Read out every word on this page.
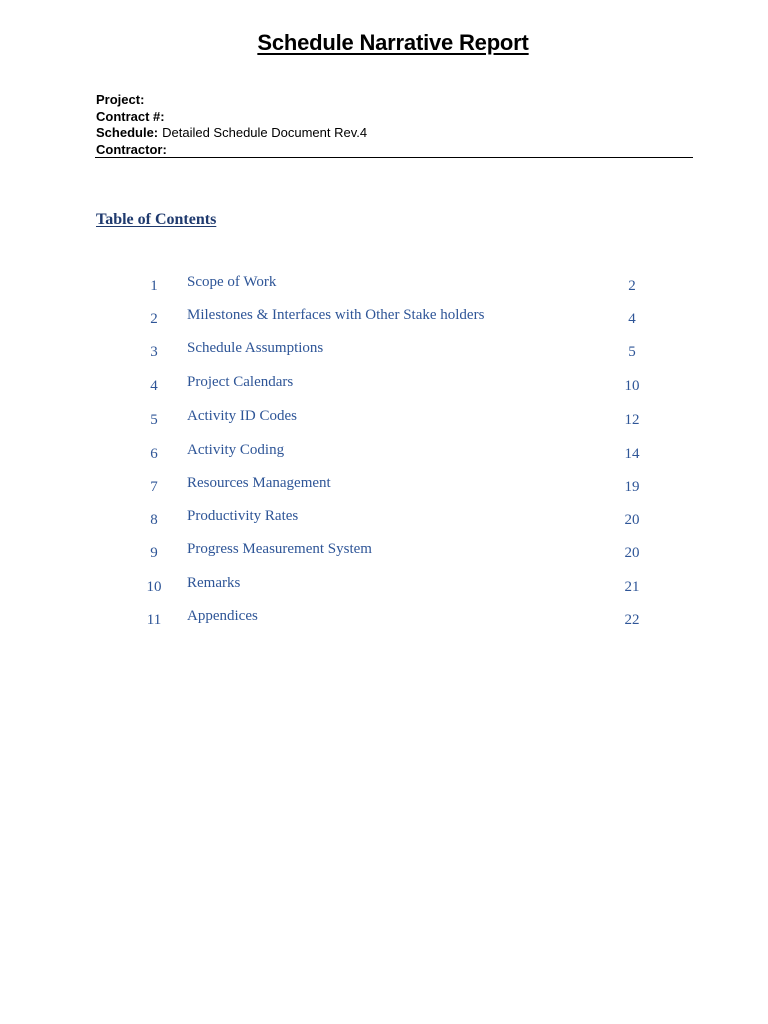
Schedule Narrative Report
Project:
Contract #:
Schedule: Detailed Schedule Document Rev.4
Contractor:
Table of Contents
1	Scope of Work	2
2	Milestones & Interfaces with Other Stake holders	4
3	Schedule Assumptions	5
4	Project Calendars	10
5	Activity ID Codes	12
6	Activity Coding	14
7	Resources Management	19
8	Productivity Rates	20
9	Progress Measurement System	20
10	Remarks	21
11	Appendices	22
